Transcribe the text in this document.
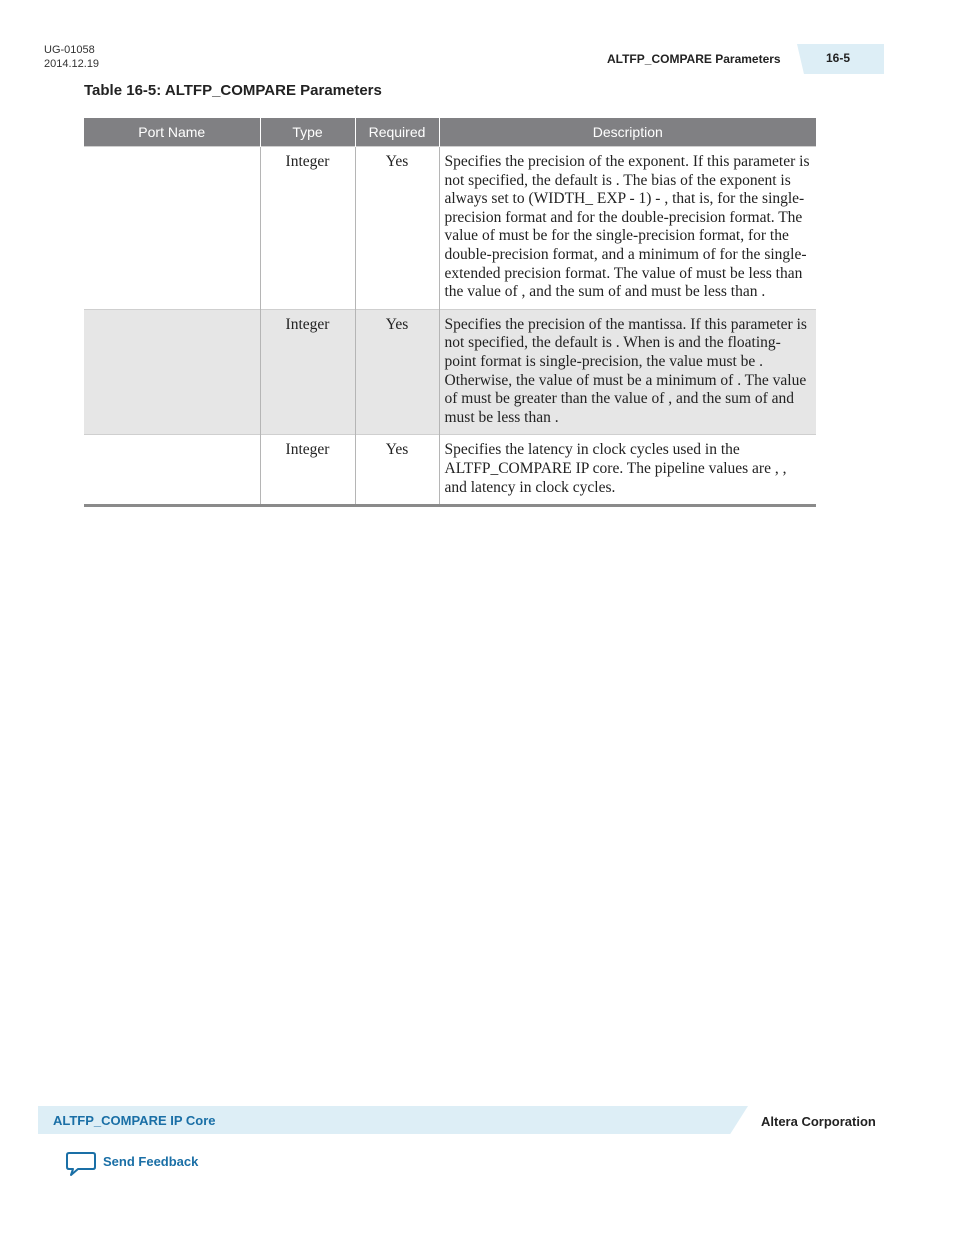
UG-01058
2014.12.19	ALTFP_COMPARE Parameters	16-5
Table 16-5: ALTFP_COMPARE Parameters
Port Name	Type	Required	Description
	Integer	Yes	Specifies the precision of the exponent. If this parameter is not specified, the default is . The bias of the exponent is always set to (WIDTH_ EXP - 1) - , that is, for the single-precision format and for the double-precision format. The value of must be for the single-precision format, for the double-precision format, and a minimum of for the single-extended precision format. The value of must be less than the value of , and the sum of and must be less than .
	Integer	Yes	Specifies the precision of the mantissa. If this parameter is not specified, the default is . When is and the floating-point format is single-precision, the value must be . Otherwise, the value of must be a minimum of . The value of must be greater than the value of , and the sum of and must be less than .
	Integer	Yes	Specifies the latency in clock cycles used in the ALTFP_COMPARE IP core. The pipeline values are , , and latency in clock cycles.
ALTFP_COMPARE IP Core	Altera Corporation
Send Feedback
